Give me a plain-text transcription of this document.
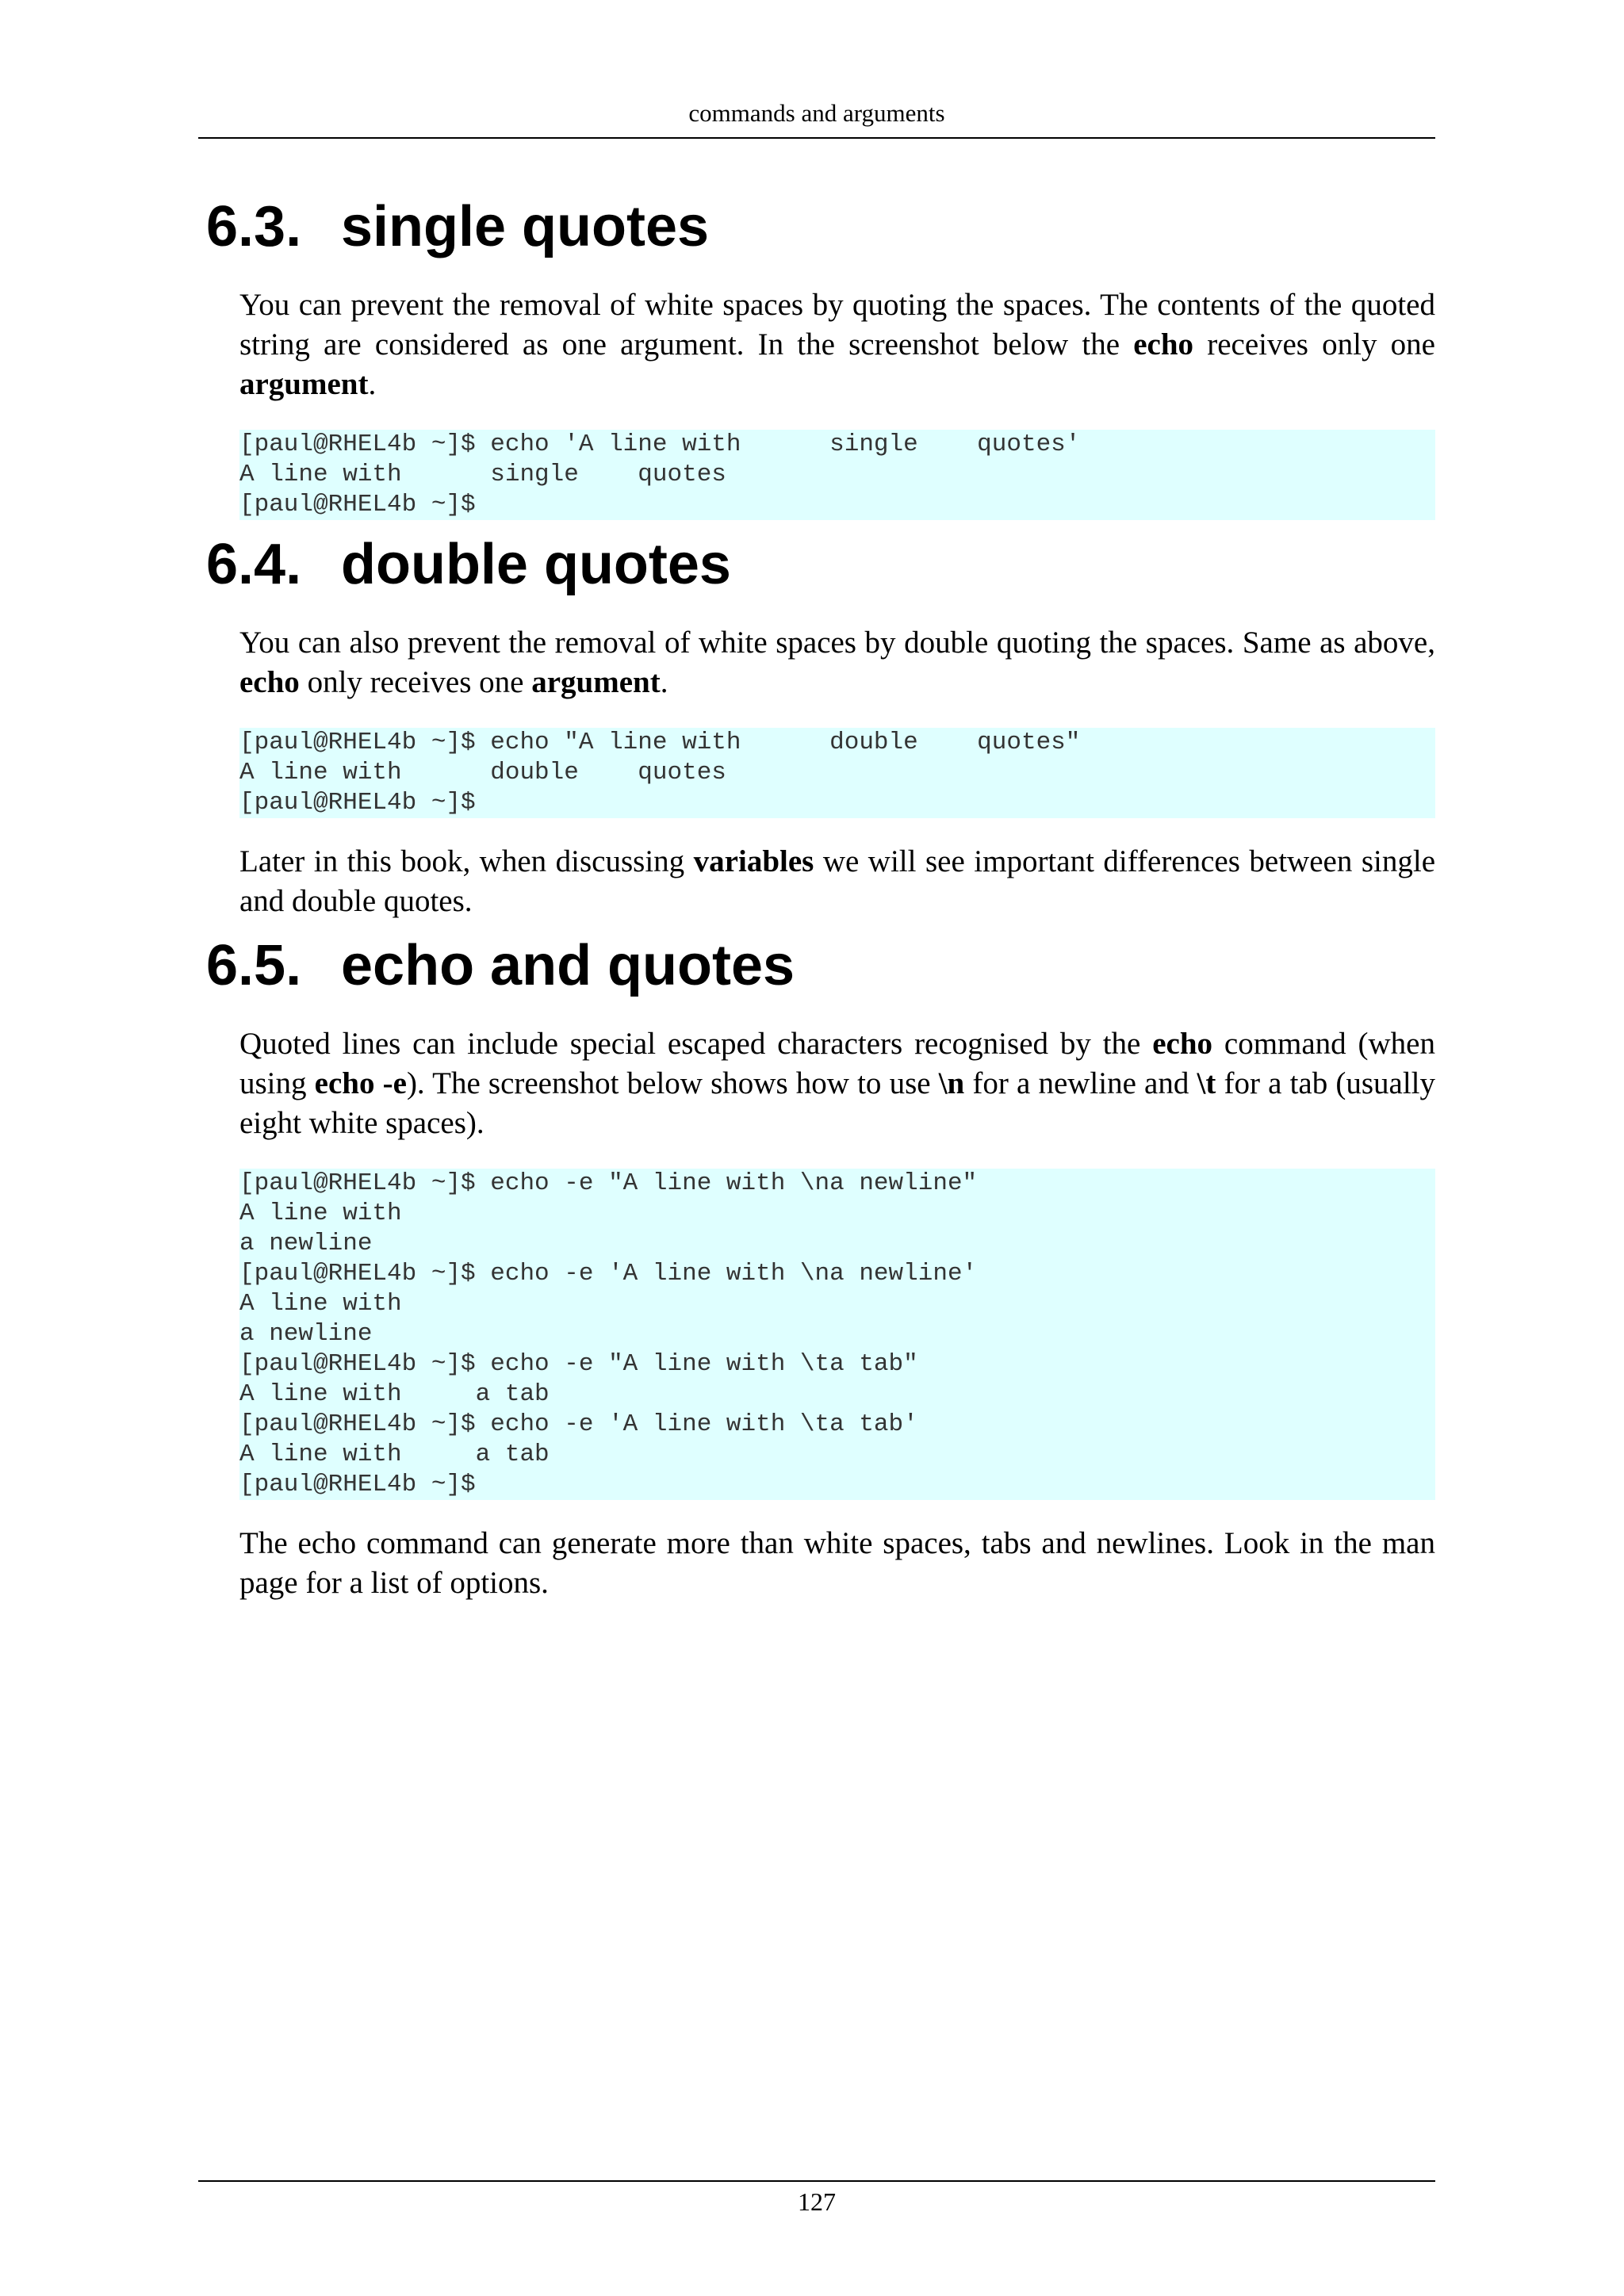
commands and arguments
6.3. single quotes

You can prevent the removal of white spaces by quoting the spaces. The contents of the quoted string are considered as one argument. In the screenshot below the echo receives only one argument.

[paul@RHEL4b ~]$ echo 'A line with      single    quotes'
A line with      single    quotes
[paul@RHEL4b ~]$
6.4. double quotes

You can also prevent the removal of white spaces by double quoting the spaces. Same as above, echo only receives one argument.

[paul@RHEL4b ~]$ echo "A line with      double    quotes"
A line with      double    quotes
[paul@RHEL4b ~]$

Later in this book, when discussing variables we will see important differences between single and double quotes.

6.5. echo and quotes

Quoted lines can include special escaped characters recognised by the echo command (when using echo -e). The screenshot below shows how to use \n for a newline and \t for a tab (usually eight white spaces).

[paul@RHEL4b ~]$ echo -e "A line with \na newline"
A line with
a newline
[paul@RHEL4b ~]$ echo -e 'A line with \na newline'
A line with
a newline
[paul@RHEL4b ~]$ echo -e "A line with \ta tab"
A line with     a tab
[paul@RHEL4b ~]$ echo -e 'A line with \ta tab'
A line with     a tab
[paul@RHEL4b ~]$

The echo command can generate more than white spaces, tabs and newlines. Look in the man page for a list of options.

127
